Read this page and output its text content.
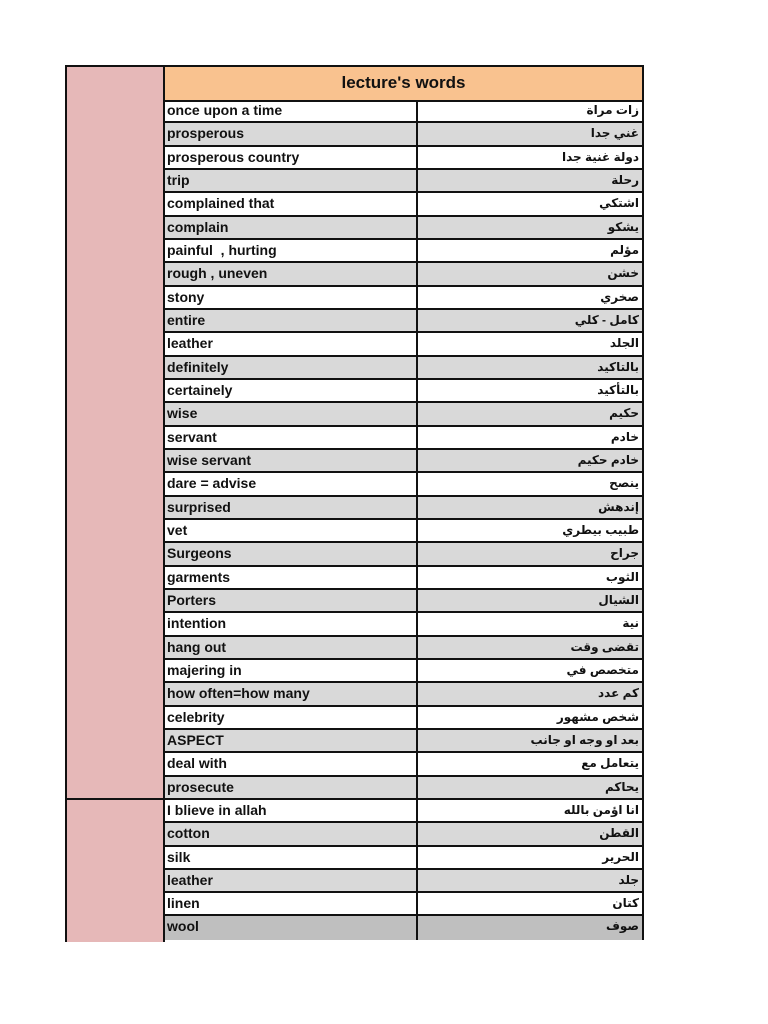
lecture's words
once upon a time	زات مراة
prosperous	غني جدا
prosperous country	دولة غنية جدا
trip	رحلة
complained that	اشتكي
complain	يشكو
painful  , hurting	مؤلم
rough , uneven	خشن
stony	صخري
entire	كامل - كلي
leather	الجلد
definitely	بالتاكيد
certainely	بالتأكيد
wise	حكيم
servant	خادم
wise servant	خادم حكيم
dare = advise	ينصح
surprised	إندهش
vet	طبيب بيطري
Surgeons	جراح
garments	الثوب
Porters	الشيال
intention	نية
hang out	تقضى وقت
majering in	متخصص في
how often=how many	كم عدد
celebrity	شخص مشهور
ASPECT	بعد او وجه او جانب
deal with	يتعامل مع
prosecute	يحاكم
I blieve in allah	انا اؤمن بالله
cotton	القطن
silk	الحرير
leather	جلد
linen	كتان
wool	صوف
